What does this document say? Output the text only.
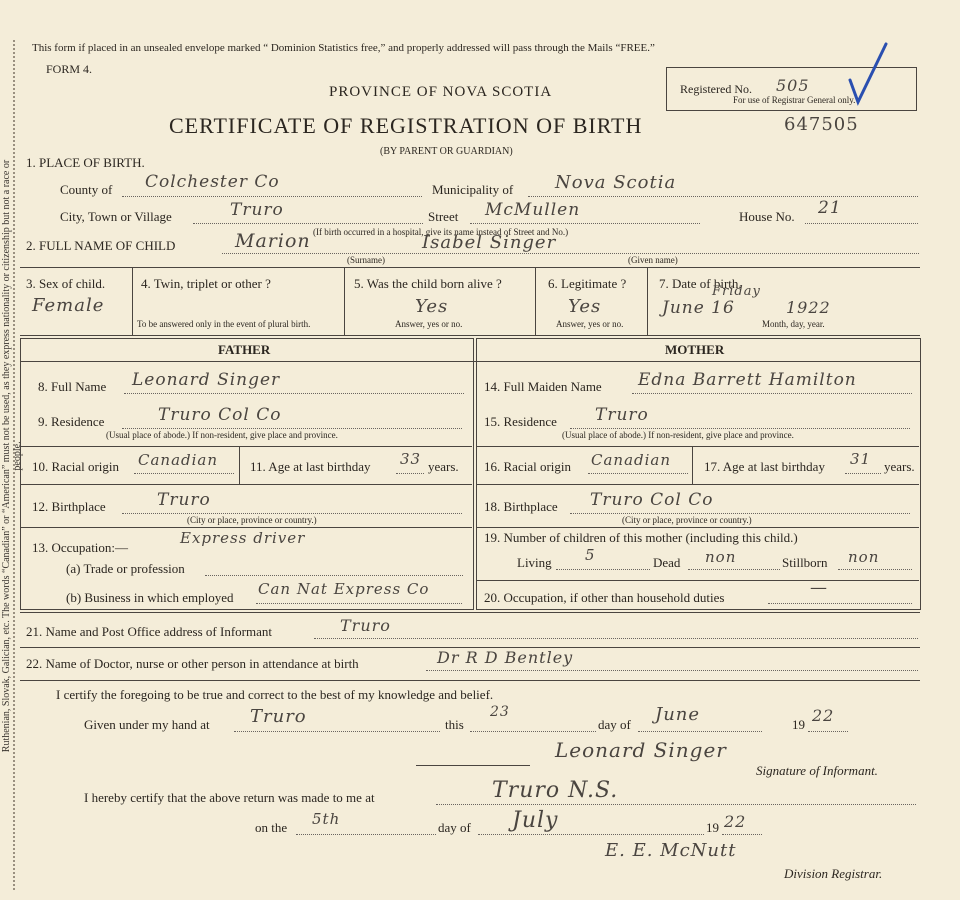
Ruthenian, Slovak, Galician, etc. The words “Canadian” or “American” must not be used, as they express nationality or citizenship but not a race or people.
This form if placed in an unsealed envelope marked “ Dominion Statistics free,” and properly addressed will pass through the Mails “FREE.”
FORM 4.
PROVINCE OF NOVA SCOTIA
CERTIFICATE OF REGISTRATION OF BIRTH	647505
(BY PARENT OR GUARDIAN)
Registered No. 505
For use of Registrar General only.
1. PLACE OF BIRTH.
County of Colchester Co	Municipality of Nova Scotia
City, Town or Village	Truro	Street McMullen	House No. 21
2. FULL NAME OF CHILD
(If birth occurred in a hospital, give its name instead of Street and No.)
Marion	Isabel Singer
(Surname)	(Given name)
3. Sex of child.
Female
4. Twin, triplet or other ?
To be answered only in the event of plural birth.
5. Was the child born alive ?
Yes
Answer, yes or no.
6. Legitimate ?
Yes
Answer, yes or no.
7. Date of birth.
Friday
June 16	1922
Month, day, year.
FATHER	MOTHER
8. Full Name Leonard Singer
9. Residence	Truro Col Co
(Usual place of abode.) If non-resident, give place and province.
10. Racial origin Canadian 11. Age at last birthday 33 years.
12. Birthplace	Truro
(City or place, province or country.)
13. Occupation:—
Express driver
(a) Trade or profession
(b) Business in which employed Can Nat Express Co
14. Full Maiden Name Edna Barrett Hamilton
15. Residence Truro
(Usual place of abode.) If non-resident, give place and province.
16. Racial origin Canadian	17. Age at last birthday 31 years.
18. Birthplace Truro Col Co
(City or place, province or country.)
19. Number of children of this mother (including this child.)
Living 5	Dead non	Stillborn non
20. Occupation, if other than household duties	—
21. Name and Post Office address of Informant	Truro
22. Name of Doctor, nurse or other person in attendance at birth	Dr R D Bentley
I certify the foregoing to be true and correct to the best of my knowledge and belief.
Given under my hand at Truro	this
23
day of June	19 22
Leonard Singer
Signature of Informant.
I hereby certify that the above return was made to me at	Truro N.S.
on the 5th	day of July	19 22
E. E. McNutt
Division Registrar.
